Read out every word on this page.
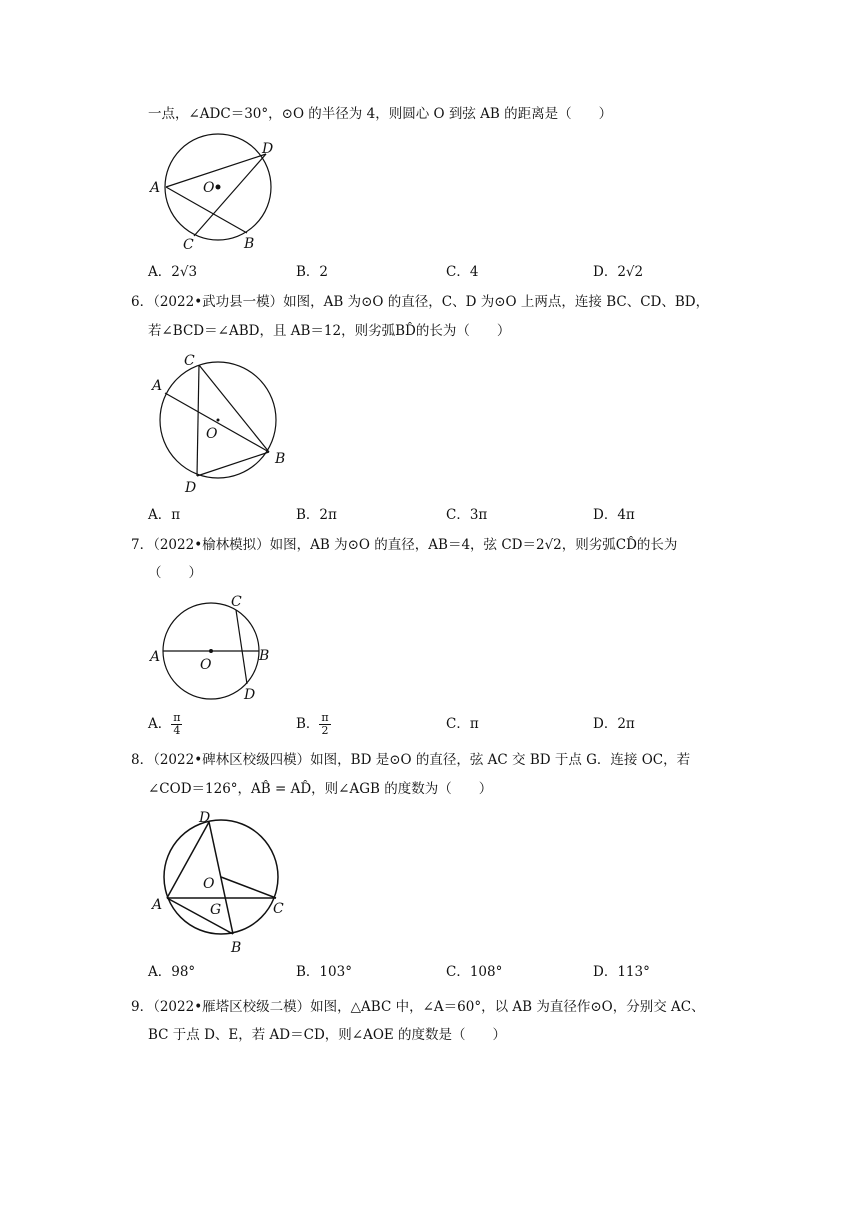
一点，∠ADC＝30°，⊙O 的半径为 4，则圆心 O 到弦 AB 的距离是（　　）
D
A	O
C	B
A．2√3	B．2	C．4	D．2√2
6．（2022•武功县一模）如图，AB 为⊙O 的直径，C、D 为⊙O 上两点，连接 BC、CD、BD，
若∠BCD＝∠ABD，且 AB＝12，则劣弧BD̂的长为（　　）
C
A
O
B
D
A．π	B．2π	C．3π	D．4π
7．（2022•榆林模拟）如图，AB 为⊙O 的直径，AB＝4，弦 CD＝2√2，则劣弧CD̂的长为
（　　）
C
A	O
B
D
A． $\frac{\pi}{4}$	B． $\frac{\pi}{2}$	C．π	D．2π
8．（2022•碑林区校级四模）如图，BD 是⊙O 的直径，弦 AC 交 BD 于点 G．连接 OC，若
∠COD＝126°，AB̂ = AD̂，则∠AGB 的度数为（　　）
D
O
A	G	C
B
A．98°	B．103°	C．108°	D．113°
9．（2022•雁塔区校级二模）如图，△ABC 中，∠A＝60°，以 AB 为直径作⊙O，分别交 AC、
BC 于点 D、E，若 AD＝CD，则∠AOE 的度数是（　　）
